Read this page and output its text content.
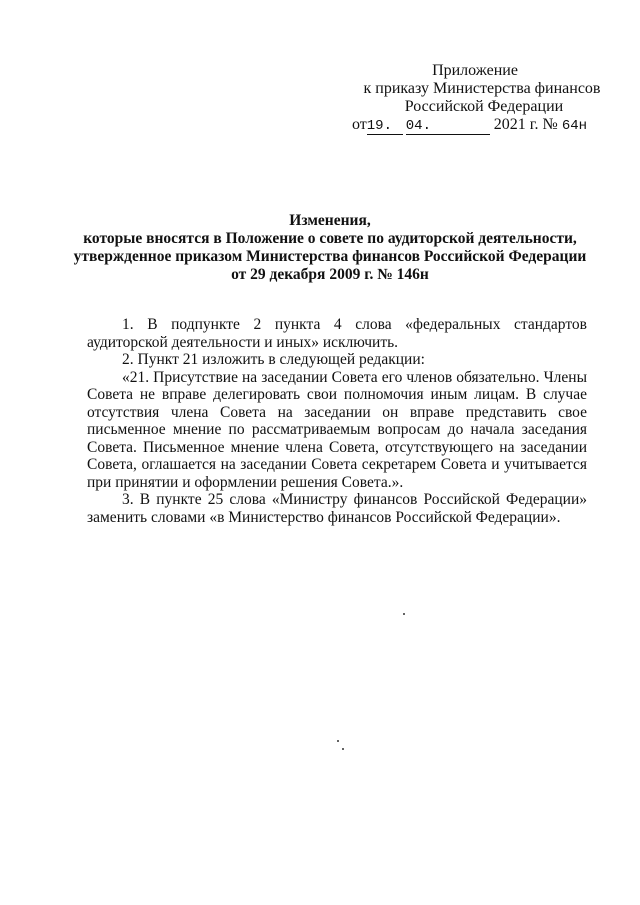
Приложение
к приказу Министерства финансов
Российской Федерации
от19. 04.	2021 г. № 64н
Изменения,
которые вносятся в Положение о совете по аудиторской деятельности,
утвержденное приказом Министерства финансов Российской Федерации
от 29 декабря 2009 г. № 146н

1. В подпункте 2 пункта 4 слова «федеральных стандартов аудиторской деятельности и иных» исключить.

2. Пункт 21 изложить в следующей редакции:

«21. Присутствие на заседании Совета его членов обязательно. Члены Совета не вправе делегировать свои полномочия иным лицам. В случае отсутствия члена Совета на заседании он вправе представить свое письменное мнение по рассматриваемым вопросам до начала заседания Совета. Письменное мнение члена Совета, отсутствующего на заседании Совета, оглашается на заседании Совета секретарем Совета и учитывается при принятии и оформлении решения Совета.».

3. В пункте 25 слова «Министру финансов Российской Федерации» заменить словами «в Министерство финансов Российской Федерации».
